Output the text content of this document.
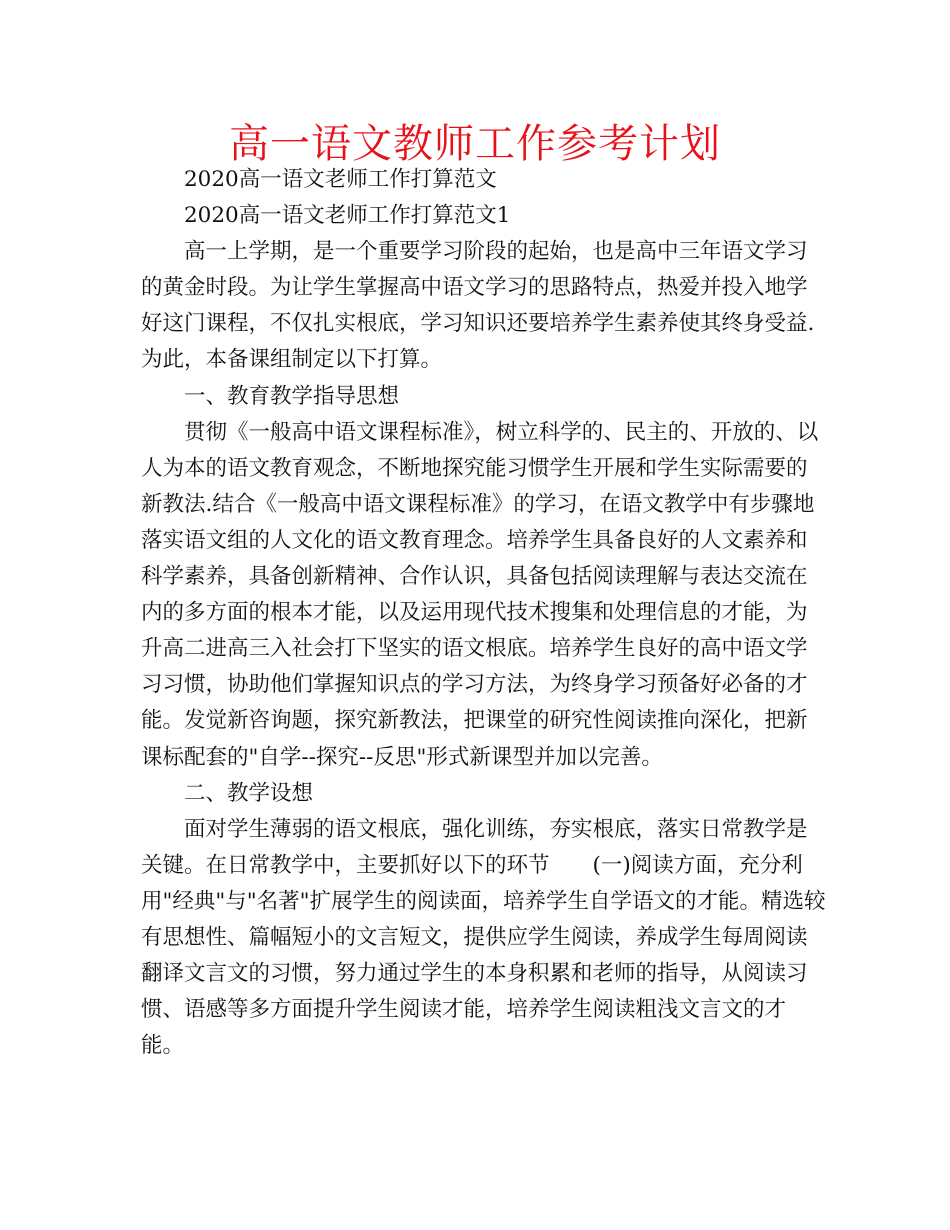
高一语文教师工作参考计划

2020高一语文老师工作打算范文

2020高一语文老师工作打算范文1

高一上学期，是一个重要学习阶段的起始，也是高中三年语文学习的黄金时段。为让学生掌握高中语文学习的思路特点，热爱并投入地学好这门课程，不仅扎实根底，学习知识还要培养学生素养使其终身受益.为此，本备课组制定以下打算。

一、教育教学指导思想

贯彻《一般高中语文课程标准》，树立科学的、民主的、开放的、以人为本的语文教育观念，不断地探究能习惯学生开展和学生实际需要的新教法.结合《一般高中语文课程标准》的学习，在语文教学中有步骤地落实语文组的人文化的语文教育理念。培养学生具备良好的人文素养和科学素养，具备创新精神、合作认识，具备包括阅读理解与表达交流在内的多方面的根本才能，以及运用现代技术搜集和处理信息的才能，为升高二进高三入社会打下坚实的语文根底。培养学生良好的高中语文学习习惯，协助他们掌握知识点的学习方法，为终身学习预备好必备的才能。发觉新咨询题，探究新教法，把课堂的研究性阅读推向深化，把新课标配套的"自学--探究--反思"形式新课型并加以完善。

二、教学设想

面对学生薄弱的语文根底，强化训练，夯实根底，落实日常教学是关键。在日常教学中，主要抓好以下的环节　　(一)阅读方面，充分利用"经典"与"名著"扩展学生的阅读面，培养学生自学语文的才能。精选较有思想性、篇幅短小的文言短文，提供应学生阅读，养成学生每周阅读翻译文言文的习惯，努力通过学生的本身积累和老师的指导，从阅读习惯、语感等多方面提升学生阅读才能，培养学生阅读粗浅文言文的才能。
